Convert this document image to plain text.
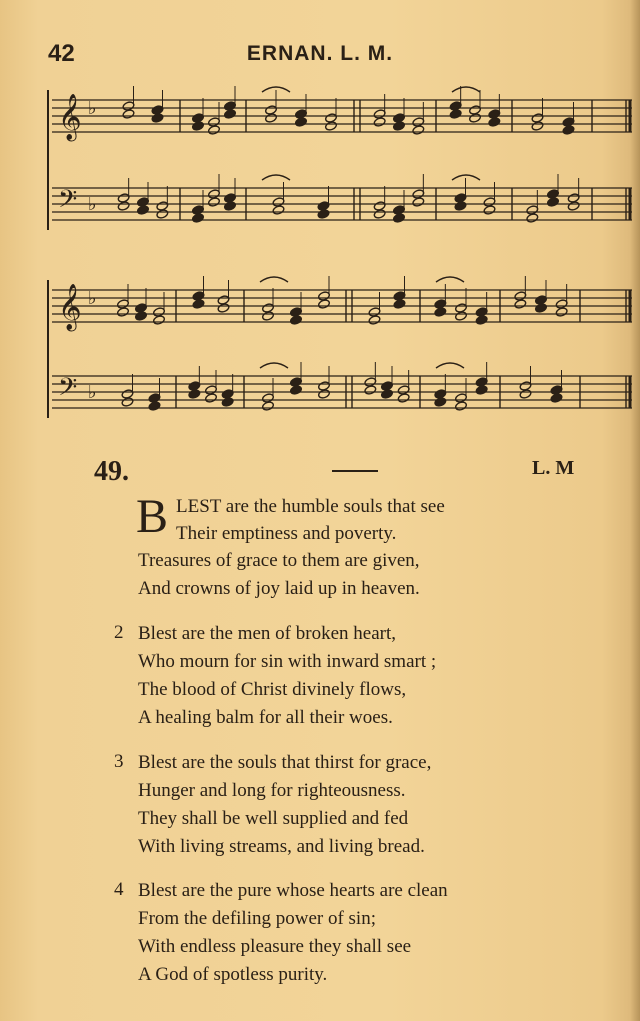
42	ERNAN. L. M.
𝄞 ♭
𝄢 ♭
𝄞 ♭
𝄢 ♭
49.	L. M
B LEST are the humble souls that see
Their emptiness and poverty.
Treasures of grace to them are given,
And crowns of joy laid up in heaven.
2 Blest are the men of broken heart,
Who mourn for sin with inward smart ;
The blood of Christ divinely flows,
A healing balm for all their woes.
3 Blest are the souls that thirst for grace,
Hunger and long for righteousness.
They shall be well supplied and fed
With living streams, and living bread.
4 Blest are the pure whose hearts are clean
From the defiling power of sin;
With endless pleasure they shall see
A God of spotless purity.
